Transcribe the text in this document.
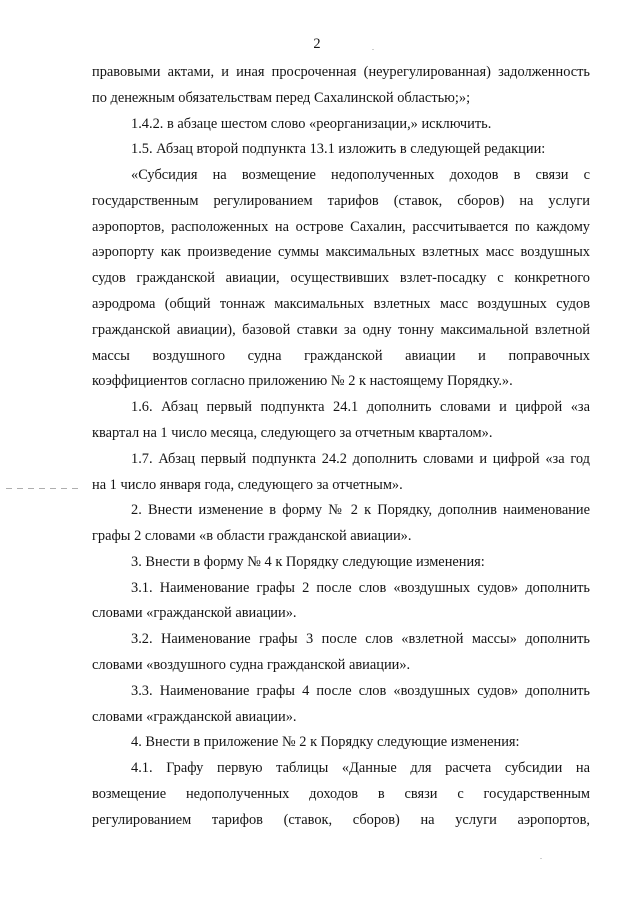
2
правовыми актами, и иная просроченная (неурегулированная) задолженность
по денежным обязательствам перед Сахалинской областью;»;
1.4.2. в абзаце шестом слово «реорганизации,» исключить.
1.5. Абзац второй подпункта 13.1 изложить в следующей редакции:
«Субсидия на возмещение недополученных доходов в связи с
государственным регулированием тарифов (ставок, сборов) на услуги
аэропортов, расположенных на острове Сахалин, рассчитывается по каждому
аэропорту как произведение суммы максимальных взлетных масс воздушных
судов гражданской авиации, осуществивших взлет-посадку с конкретного
аэродрома (общий тоннаж максимальных взлетных масс воздушных судов
гражданской авиации), базовой ставки за одну тонну максимальной взлетной
массы воздушного судна гражданской авиации и поправочных
коэффициентов согласно приложению № 2 к настоящему Порядку.».
1.6. Абзац первый подпункта 24.1 дополнить словами и цифрой «за
квартал на 1 число месяца, следующего за отчетным кварталом».
1.7. Абзац первый подпункта 24.2 дополнить словами и цифрой «за год
на 1 число января года, следующего за отчетным».
2. Внести изменение в форму № 2 к Порядку, дополнив наименование
графы 2 словами «в области гражданской авиации».
3. Внести в форму № 4 к Порядку следующие изменения:
3.1. Наименование графы 2 после слов «воздушных судов» дополнить
словами «гражданской авиации».
3.2. Наименование графы 3 после слов «взлетной массы» дополнить
словами «воздушного судна гражданской авиации».
3.3. Наименование графы 4 после слов «воздушных судов» дополнить
словами «гражданской авиации».
4. Внести в приложение № 2 к Порядку следующие изменения:
4.1. Графу первую таблицы «Данные для расчета субсидии на
возмещение недополученных доходов в связи с государственным
регулированием тарифов (ставок, сборов) на услуги аэропортов,
